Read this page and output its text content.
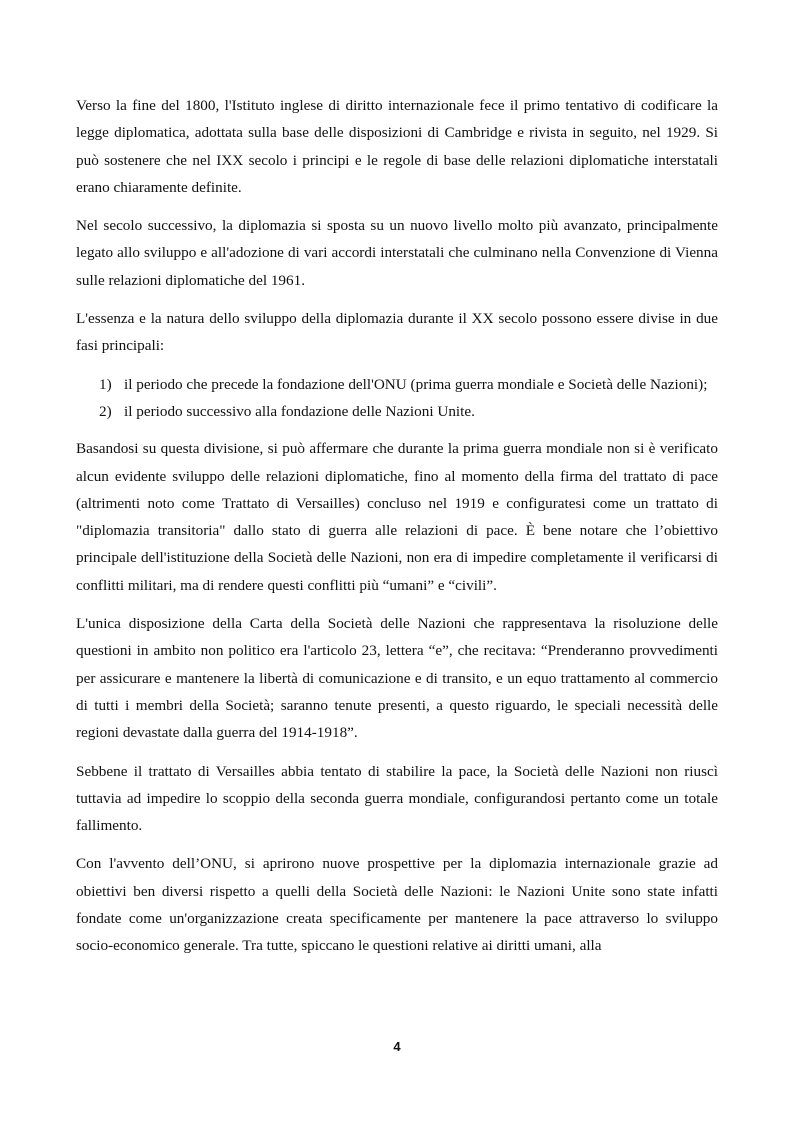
Verso la fine del 1800, l'Istituto inglese di diritto internazionale fece il primo tentativo di codificare la legge diplomatica, adottata sulla base delle disposizioni di Cambridge e rivista in seguito, nel 1929. Si può sostenere che nel IXX secolo i principi e le regole di base delle relazioni diplomatiche interstatali erano chiaramente definite.

Nel secolo successivo, la diplomazia si sposta su un nuovo livello molto più avanzato, principalmente legato allo sviluppo e all'adozione di vari accordi interstatali che culminano nella Convenzione di Vienna sulle relazioni diplomatiche del 1961.

L'essenza e la natura dello sviluppo della diplomazia durante il XX secolo possono essere divise in due fasi principali:

1) il periodo che precede la fondazione dell'ONU (prima guerra mondiale e Società delle Nazioni);
2) il periodo successivo alla fondazione delle Nazioni Unite.

Basandosi su questa divisione, si può affermare che durante la prima guerra mondiale non si è verificato alcun evidente sviluppo delle relazioni diplomatiche, fino al momento della firma del trattato di pace (altrimenti noto come Trattato di Versailles) concluso nel 1919 e configuratesi come un trattato di "diplomazia transitoria" dallo stato di guerra alle relazioni di pace. È bene notare che l’obiettivo principale dell'istituzione della Società delle Nazioni, non era di impedire completamente il verificarsi di conflitti militari, ma di rendere questi conflitti più “umani” e “civili”.

L'unica disposizione della Carta della Società delle Nazioni che rappresentava la risoluzione delle questioni in ambito non politico era l'articolo 23, lettera “e”, che recitava: “Prenderanno provvedimenti per assicurare e mantenere la libertà di comunicazione e di transito, e un equo trattamento al commercio di tutti i membri della Società; saranno tenute presenti, a questo riguardo, le speciali necessità delle regioni devastate dalla guerra del 1914-1918”.

Sebbene il trattato di Versailles abbia tentato di stabilire la pace, la Società delle Nazioni non riuscì tuttavia ad impedire lo scoppio della seconda guerra mondiale, configurandosi pertanto come un totale fallimento.

Con l'avvento dell’ONU, si aprirono nuove prospettive per la diplomazia internazionale grazie ad obiettivi ben diversi rispetto a quelli della Società delle Nazioni: le Nazioni Unite sono state infatti fondate come un'organizzazione creata specificamente per mantenere la pace attraverso lo sviluppo socio-economico generale. Tra tutte, spiccano le questioni relative ai diritti umani, alla

4
